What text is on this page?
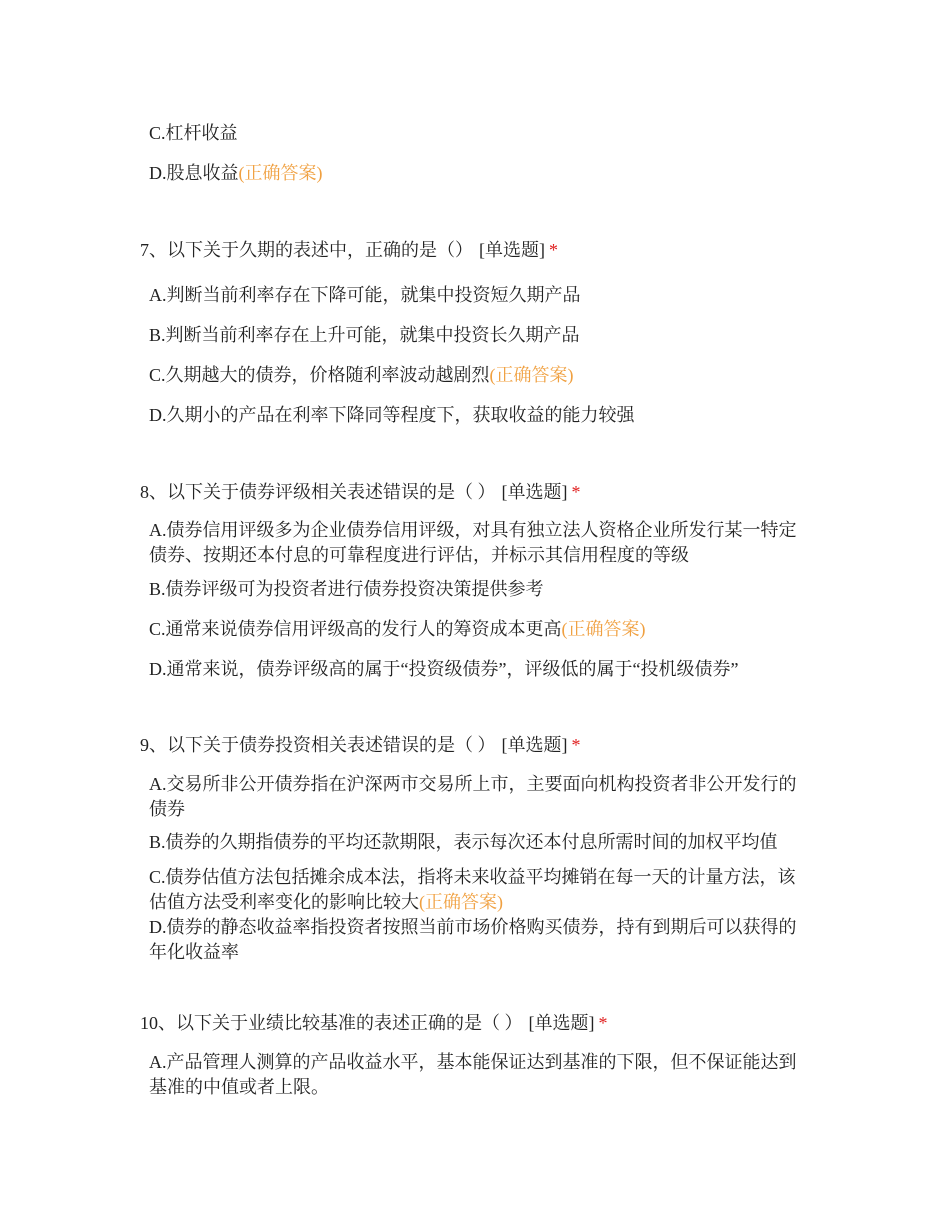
C.杠杆收益
D.股息收益(正确答案)
7、以下关于久期的表述中，正确的是（） [单选题] *
A.判断当前利率存在下降可能，就集中投资短久期产品
B.判断当前利率存在上升可能，就集中投资长久期产品
C.久期越大的债券，价格随利率波动越剧烈(正确答案)
D.久期小的产品在利率下降同等程度下，获取收益的能力较强
8、以下关于债券评级相关表述错误的是（ ） [单选题] *
A.债券信用评级多为企业债券信用评级，对具有独立法人资格企业所发行某一特定债券、按期还本付息的可靠程度进行评估，并标示其信用程度的等级
B.债券评级可为投资者进行债券投资决策提供参考
C.通常来说债券信用评级高的发行人的筹资成本更高(正确答案)
D.通常来说，债券评级高的属于“投资级债券”，评级低的属于“投机级债券”
9、以下关于债券投资相关表述错误的是（ ） [单选题] *
A.交易所非公开债券指在沪深两市交易所上市，主要面向机构投资者非公开发行的债券
B.债券的久期指债券的平均还款期限，表示每次还本付息所需时间的加权平均值
C.债券估值方法包括摊余成本法，指将未来收益平均摊销在每一天的计量方法，该估值方法受利率变化的影响比较大(正确答案)
D.债券的静态收益率指投资者按照当前市场价格购买债券，持有到期后可以获得的年化收益率
10、以下关于业绩比较基准的表述正确的是（ ） [单选题] *
A.产品管理人测算的产品收益水平，基本能保证达到基准的下限，但不保证能达到基准的中值或者上限。
